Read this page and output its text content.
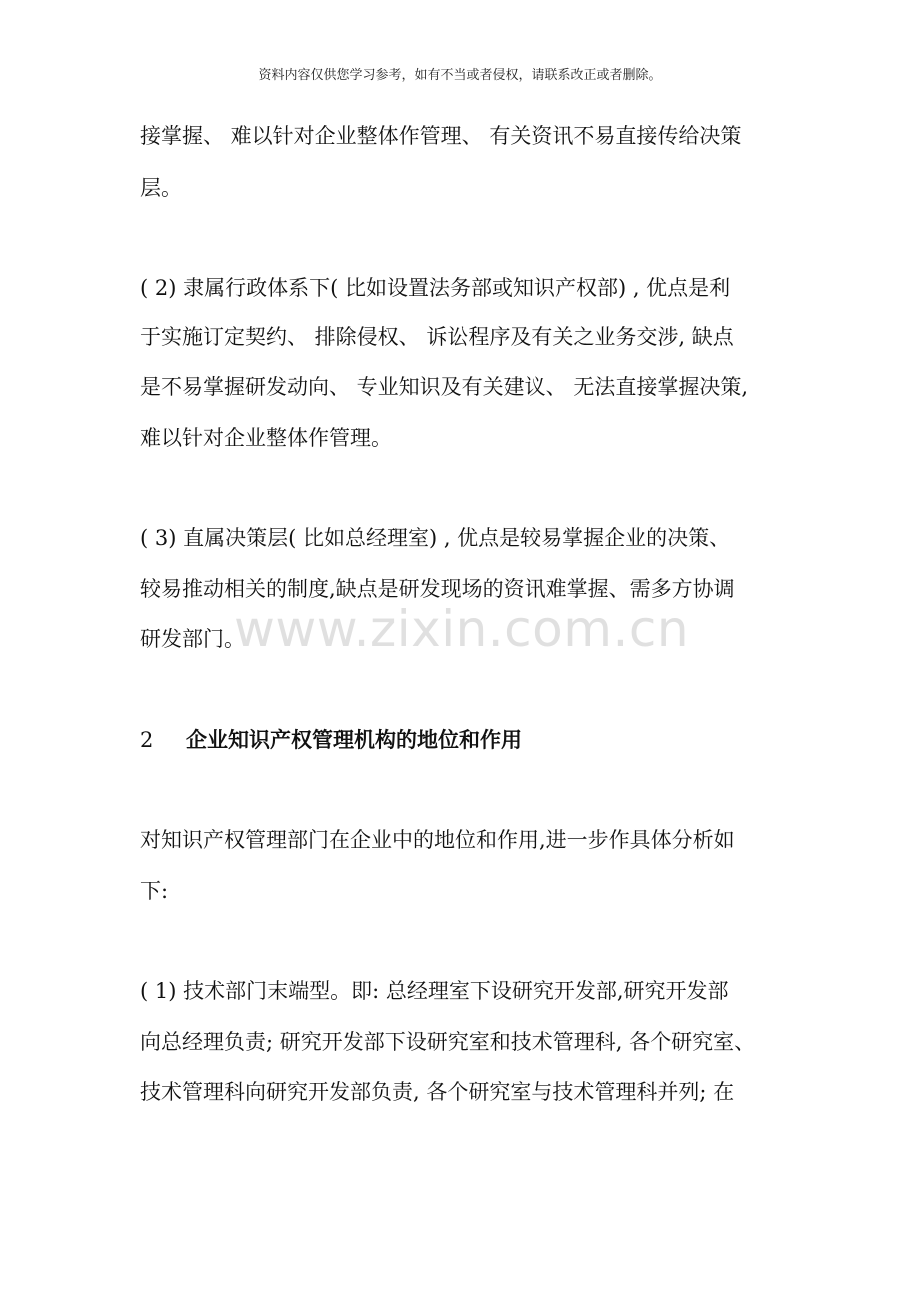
资料内容仅供您学习参考，如有不当或者侵权，请联系改正或者删除。
接掌握、 难以针对企业整体作管理、 有关资讯不易直接传给决策
层。
( 2) 隶属行政体系下( 比如设置法务部或知识产权部) , 优点是利
于实施订定契约、 排除侵权、 诉讼程序及有关之业务交涉, 缺点
是不易掌握研发动向、 专业知识及有关建议、 无法直接掌握决策,
难以针对企业整体作管理。
( 3) 直属决策层( 比如总经理室) , 优点是较易掌握企业的决策、
较易推动相关的制度,缺点是研发现场的资讯难掌握、需多方协调
研发部门。
2 企业知识产权管理机构的地位和作用
对知识产权管理部门在企业中的地位和作用,进一步作具体分析如
下:
( 1) 技术部门末端型。即: 总经理室下设研究开发部,研究开发部
向总经理负责; 研究开发部下设研究室和技术管理科, 各个研究室、
技术管理科向研究开发部负责, 各个研究室与技术管理科并列; 在
www.zixin.com.cn
